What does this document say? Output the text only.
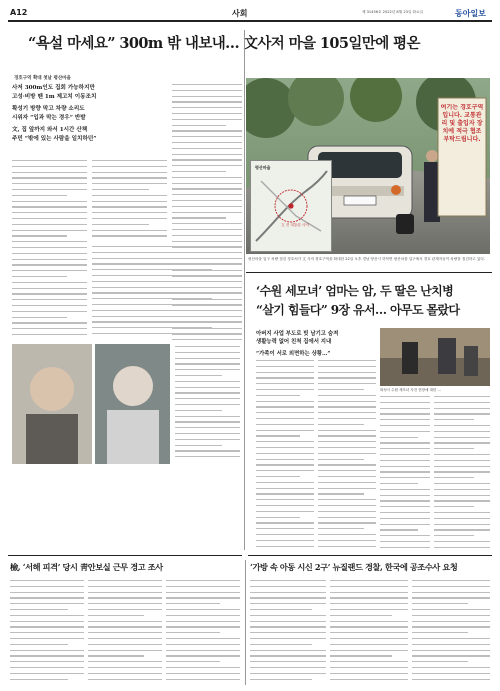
A12	사회	제 31456호 2022년 8월 23일 화요일	동아일보
“욕설 마세요” 300m 밖 내보내… 文사저 마을 105일만에 평온
경호구역 확대 첫날 평산마을
사저 300m인도 집회 가능하지만
고성·비방 땐 1m 제고치 이동조치
확성기 방향 막고 차량 소리도
시위자 “입과 막는 경우” 반발
文, 집 앞까지 와서 1시간 산책
주민 “밖에 있는 사람을 일치하던”
여기는 경호구역입니다. 교통관리 및 출입자 장치에 적극 협조 부탁드립니다.
평산마을
文 전 대통령 사저
평산마을 입구 차량 점검 경호처가 文 사저 경호구역을 확대한 22일 오후 경남 양산시 하북면 평산마을 입구에서 경호 관계자들이 차량을 점검하고 있다.
‘수원 세모녀’ 엄마는 암, 두 딸은 난치병
“살기 힘들다” 9장 유서… 아무도 몰랐다
아버지 사업 부도로 빚 남기고 숨져
생활능력 없어 친척 집에서 지내
“가족이 서로 외면하는 상황…”
화성시 수원 세모녀 사건 현장에 대한 …
檢, ‘서해 피격’ 당시 靑안보실 근무 경고 조사	‘가방 속 아동 시신 2구’ 뉴질랜드 경찰, 한국에 공조수사 요청
